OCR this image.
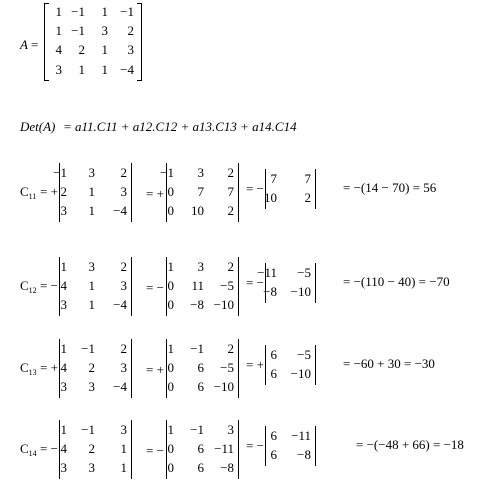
A =
1 −1	1 −1
1 −1	3	2
4	2	1	3
3	1	1 −4
Det(A) = a11.C11 + a12.C12 + a13.C13 + a14.C14
$C_{11}$ = +
−1	3	2
2	1	3
3	1	−4
= +
−1	3	2
0	7	7
0	10	2
= −
7	7
10	2
= −(14 − 70) = 56
$C_{12}$ = −
1	3	2
4	1	3
3	1	−4
= −
1	3	2
0	11	−5
0	−8 −10
= −
−11	−5
−8 −10
= −(110 − 40) = −70
$C_{13}$ = +
1	−1	2
4	2	3
3	3	−4
= +
1	−1	2
0	6	−5
0	6 −10
= +
6	−5
6 −10
= −60 + 30 = −30
$C_{14}$ = −
1	−1	3
4	2	1
3	3	1
= −
1	−1	3
0	6 −11
0	6	−8
= −
6	−11
6	−8
= −(−48 + 66) = −18
